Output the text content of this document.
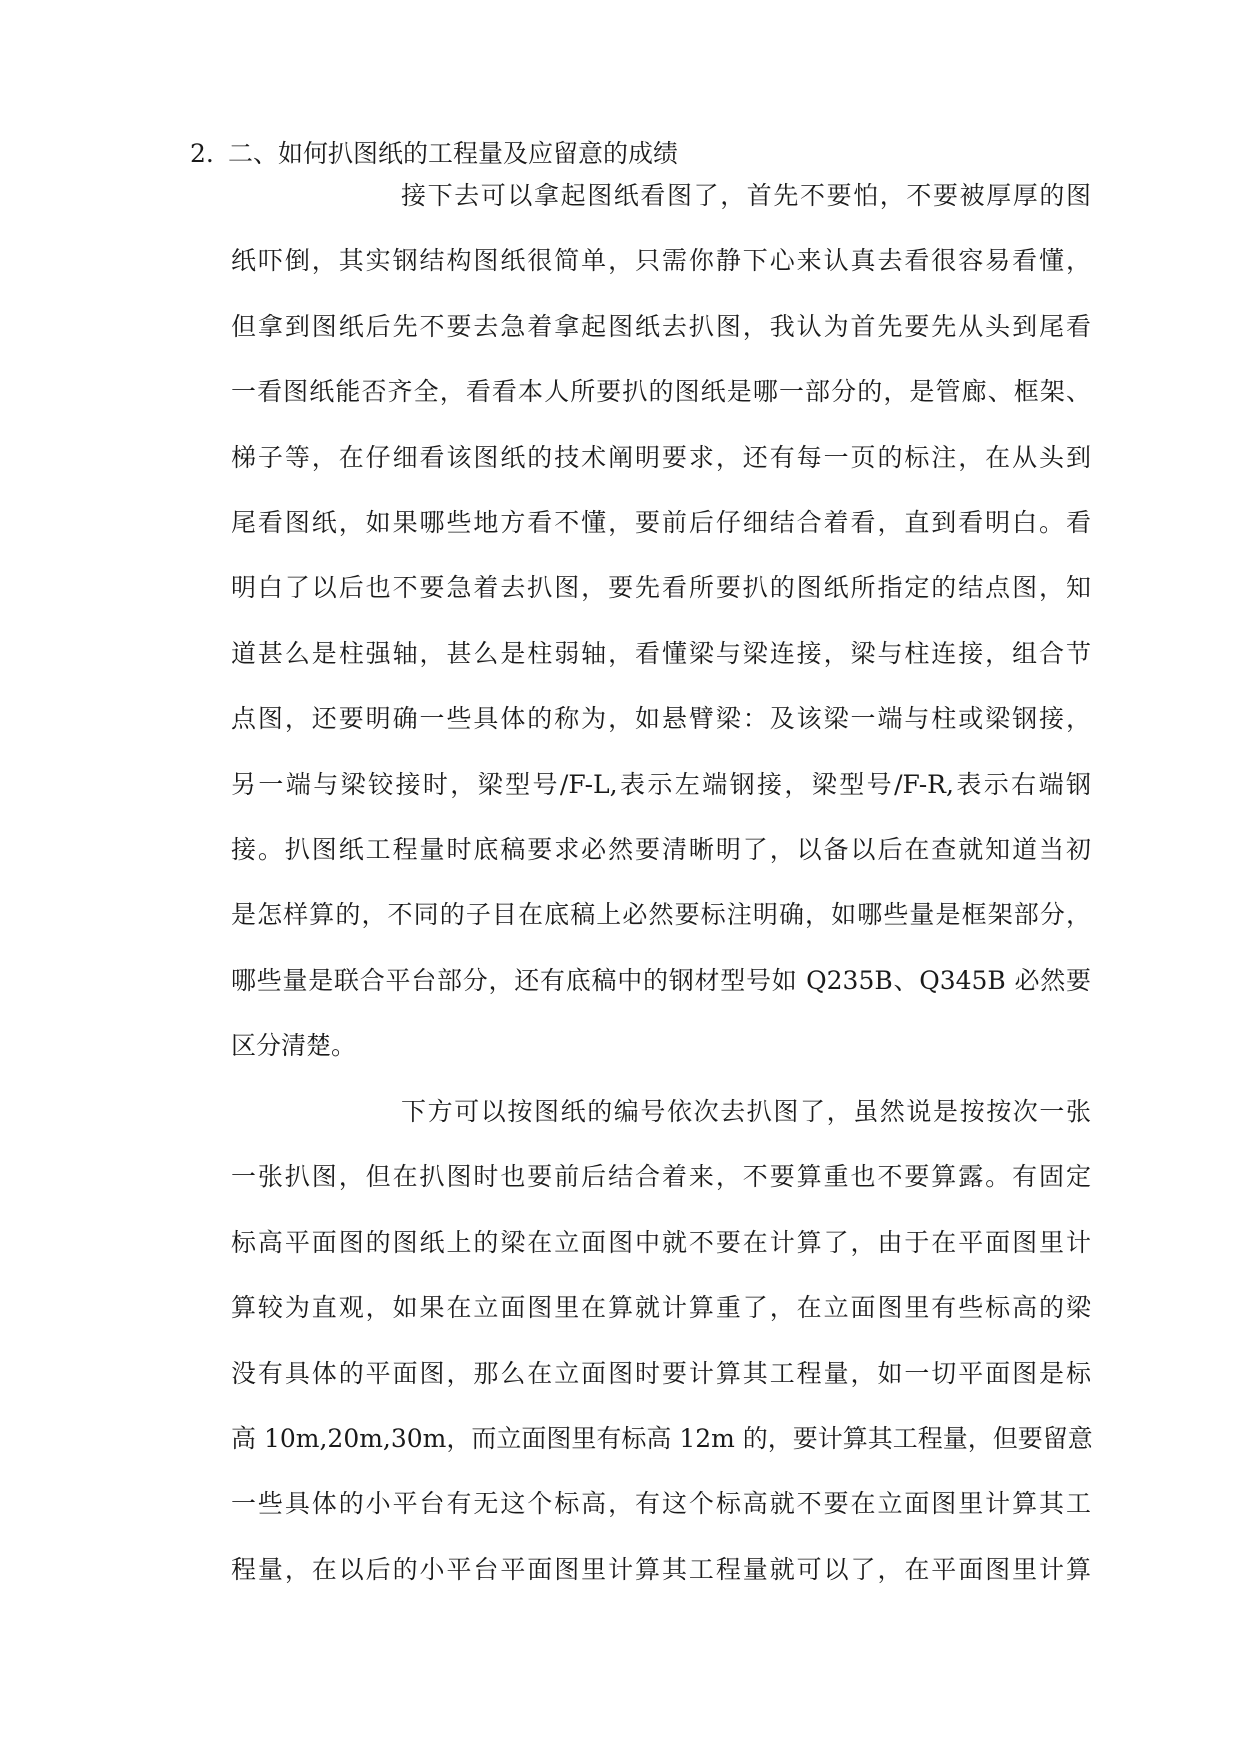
2. 二、如何扒图纸的工程量及应留意的成绩
接下去可以拿起图纸看图了，首先不要怕，不要被厚厚的图
纸吓倒，其实钢结构图纸很简单，只需你静下心来认真去看很容易看懂，
但拿到图纸后先不要去急着拿起图纸去扒图，我认为首先要先从头到尾看
一看图纸能否齐全，看看本人所要扒的图纸是哪一部分的，是管廊、框架、
梯子等，在仔细看该图纸的技术阐明要求，还有每一页的标注，在从头到
尾看图纸，如果哪些地方看不懂，要前后仔细结合着看，直到看明白。看
明白了以后也不要急着去扒图，要先看所要扒的图纸所指定的结点图，知
道甚么是柱强轴，甚么是柱弱轴，看懂梁与梁连接，梁与柱连接，组合节
点图，还要明确一些具体的称为，如悬臂梁：及该梁一端与柱或梁钢接，
另一端与梁铰接时，梁型号/F-L,表示左端钢接，梁型号/F-R,表示右端钢
接。扒图纸工程量时底稿要求必然要清晰明了，以备以后在查就知道当初
是怎样算的，不同的子目在底稿上必然要标注明确，如哪些量是框架部分，
哪些量是联合平台部分，还有底稿中的钢材型号如 Q235B、Q345B 必然要
区分清楚。
下方可以按图纸的编号依次去扒图了，虽然说是按按次一张
一张扒图，但在扒图时也要前后结合着来，不要算重也不要算露。有固定
标高平面图的图纸上的梁在立面图中就不要在计算了，由于在平面图里计
算较为直观，如果在立面图里在算就计算重了，在立面图里有些标高的梁
没有具体的平面图，那么在立面图时要计算其工程量，如一切平面图是标
高 10m,20m,30m，而立面图里有标高 12m 的，要计算其工程量，但要留意
一些具体的小平台有无这个标高，有这个标高就不要在立面图里计算其工
程量，在以后的小平台平面图里计算其工程量就可以了，在平面图里计算
